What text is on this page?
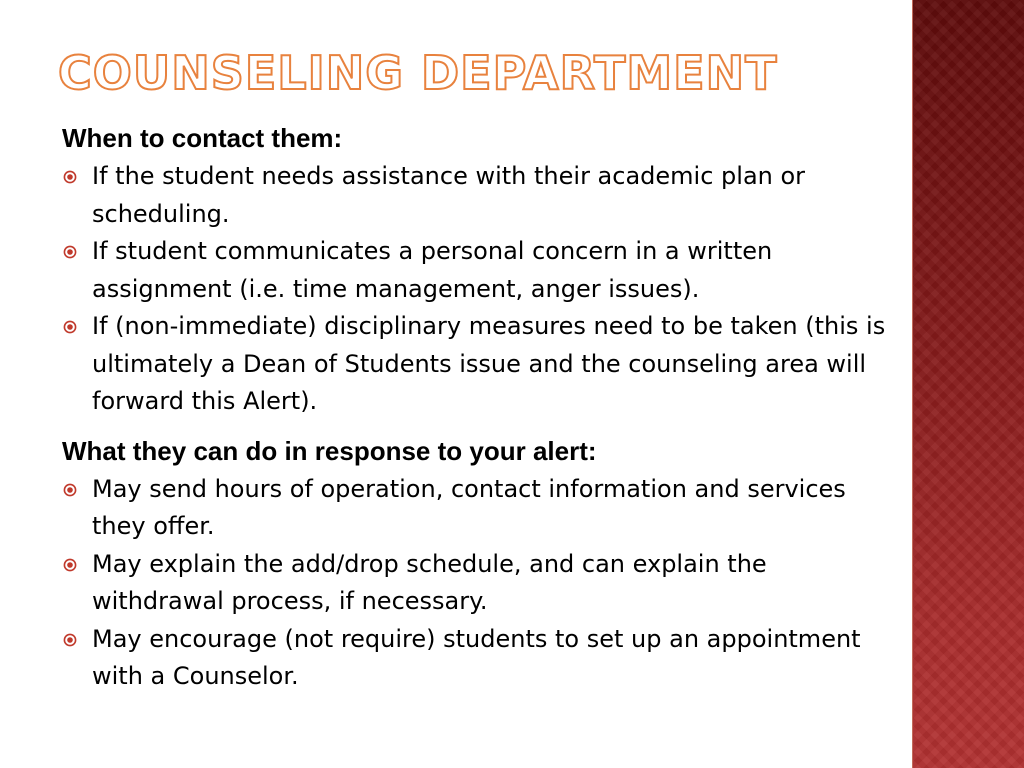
COUNSELING DEPARTMENT
When to contact them:
If the student needs assistance with their academic plan or scheduling.
If student communicates a personal concern in a written assignment (i.e. time management, anger issues).
If (non-immediate) disciplinary measures need to be taken (this is ultimately a Dean of Students issue and the counseling area will forward this Alert).
What they can do in response to your alert:
May send hours of operation, contact information and services they offer.
May explain the add/drop schedule, and can explain the withdrawal process, if necessary.
May encourage (not require) students to set up an appointment with a Counselor.
